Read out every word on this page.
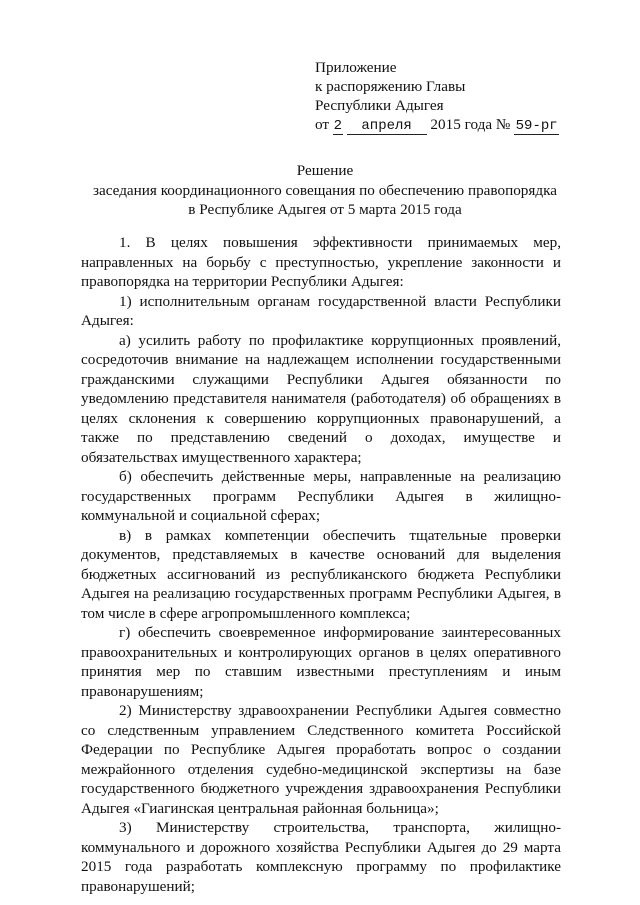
Приложение
к распоряжению Главы
Республики Адыгея
от 2 апреля 2015 года № 59-рг
Решение
заседания координационного совещания по обеспечению правопорядка
в Республике Адыгея от 5 марта 2015 года

1. В целях повышения эффективности принимаемых мер, направленных на борьбу с преступностью, укрепление законности и правопорядка на территории Республики Адыгея:

1) исполнительным органам государственной власти Республики Адыгея:

а) усилить работу по профилактике коррупционных проявлений, сосредоточив внимание на надлежащем исполнении государственными гражданскими служащими Республики Адыгея обязанности по уведомлению представителя нанимателя (работодателя) об обращениях в целях склонения к совершению коррупционных правонарушений, а также по представлению сведений о доходах, имуществе и обязательствах имущественного характера;

б) обеспечить действенные меры, направленные на реализацию государственных программ Республики Адыгея в жилищно-коммунальной и социальной сферах;

в) в рамках компетенции обеспечить тщательные проверки документов, представляемых в качестве оснований для выделения бюджетных ассигнований из республиканского бюджета Республики Адыгея на реализацию государственных программ Республики Адыгея, в том числе в сфере агропромышленного комплекса;

г) обеспечить своевременное информирование заинтересованных правоохранительных и контролирующих органов в целях оперативного принятия мер по ставшим известными преступлениям и иным правонарушениям;

2) Министерству здравоохранении Республики Адыгея совместно со следственным управлением Следственного комитета Российской Федерации по Республике Адыгея проработать вопрос о создании межрайонного отделения судебно-медицинской экспертизы на базе государственного бюджетного учреждения здравоохранения Республики Адыгея «Гиагинская центральная районная больница»;

3) Министерству строительства, транспорта, жилищно-коммунального и дорожного хозяйства Республики Адыгея до 29 марта 2015 года разработать комплексную программу по профилактике правонарушений;
